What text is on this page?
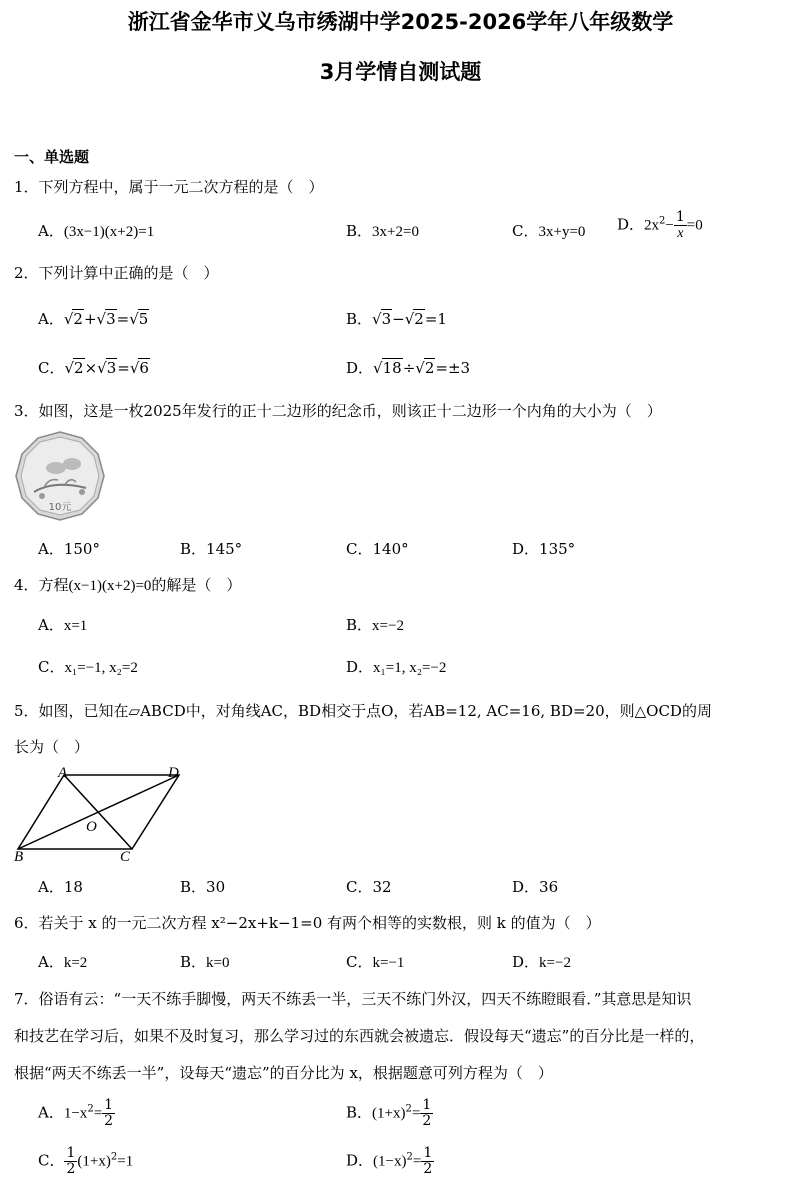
浙江省金华市义乌市绣湖中学2025-2026学年八年级数学
3月学情自测试题
一、单选题
1．下列方程中，属于一元二次方程的是（　）
A．(3x−1)(x+2)=1	B．3x+2=0	C．3x+y=0 D．$2x^2- \frac{1}{x} =0$
2．下列计算中正确的是（　）
A．√2+√3=√5	B．√3−√2=1
C．√2×√3=√6	D．√18÷√2=±3
3．如图，这是一枚2025年发行的正十二边形的纪念币，则该正十二边形一个内角的大小为（　）
10元
A．150°	B．145°	C．140°	D．135°
4．方程(x−1)(x+2)=0的解是（　）
A．x=1	B．x=−2
C．x₁=−1, x₂=2	D．x₁=1, x₂=−2
5．如图，已知在▱ABCD中，对角线AC，BD相交于点O，若AB=12, AC=16, BD=20，则△OCD的周
长为（　）
A	D
B	C
O
A．18	B．30	C．32	D．36
6．若关于 x 的一元二次方程 x²−2x+k−1=0 有两个相等的实数根，则 k 的值为（　）
A．k=2	B．k=0	C．k=−1	D．k=−2
7．俗语有云：“一天不练手脚慢，两天不练丢一半，三天不练门外汉，四天不练瞪眼看．”其意思是知识
和技艺在学习后，如果不及时复习，那么学习过的东西就会被遗忘．假设每天“遗忘”的百分比是一样的，
根据“两天不练丢一半”，设每天“遗忘”的百分比为 x，根据题意可列方程为（　）
A．$1-x^2= \frac{1}{2}$	B．$(1+x)^2= \frac{1}{2}$
C． $\frac{1}{2} (1+x)^2=1$	D．$(1-x)^2= \frac{1}{2}$
